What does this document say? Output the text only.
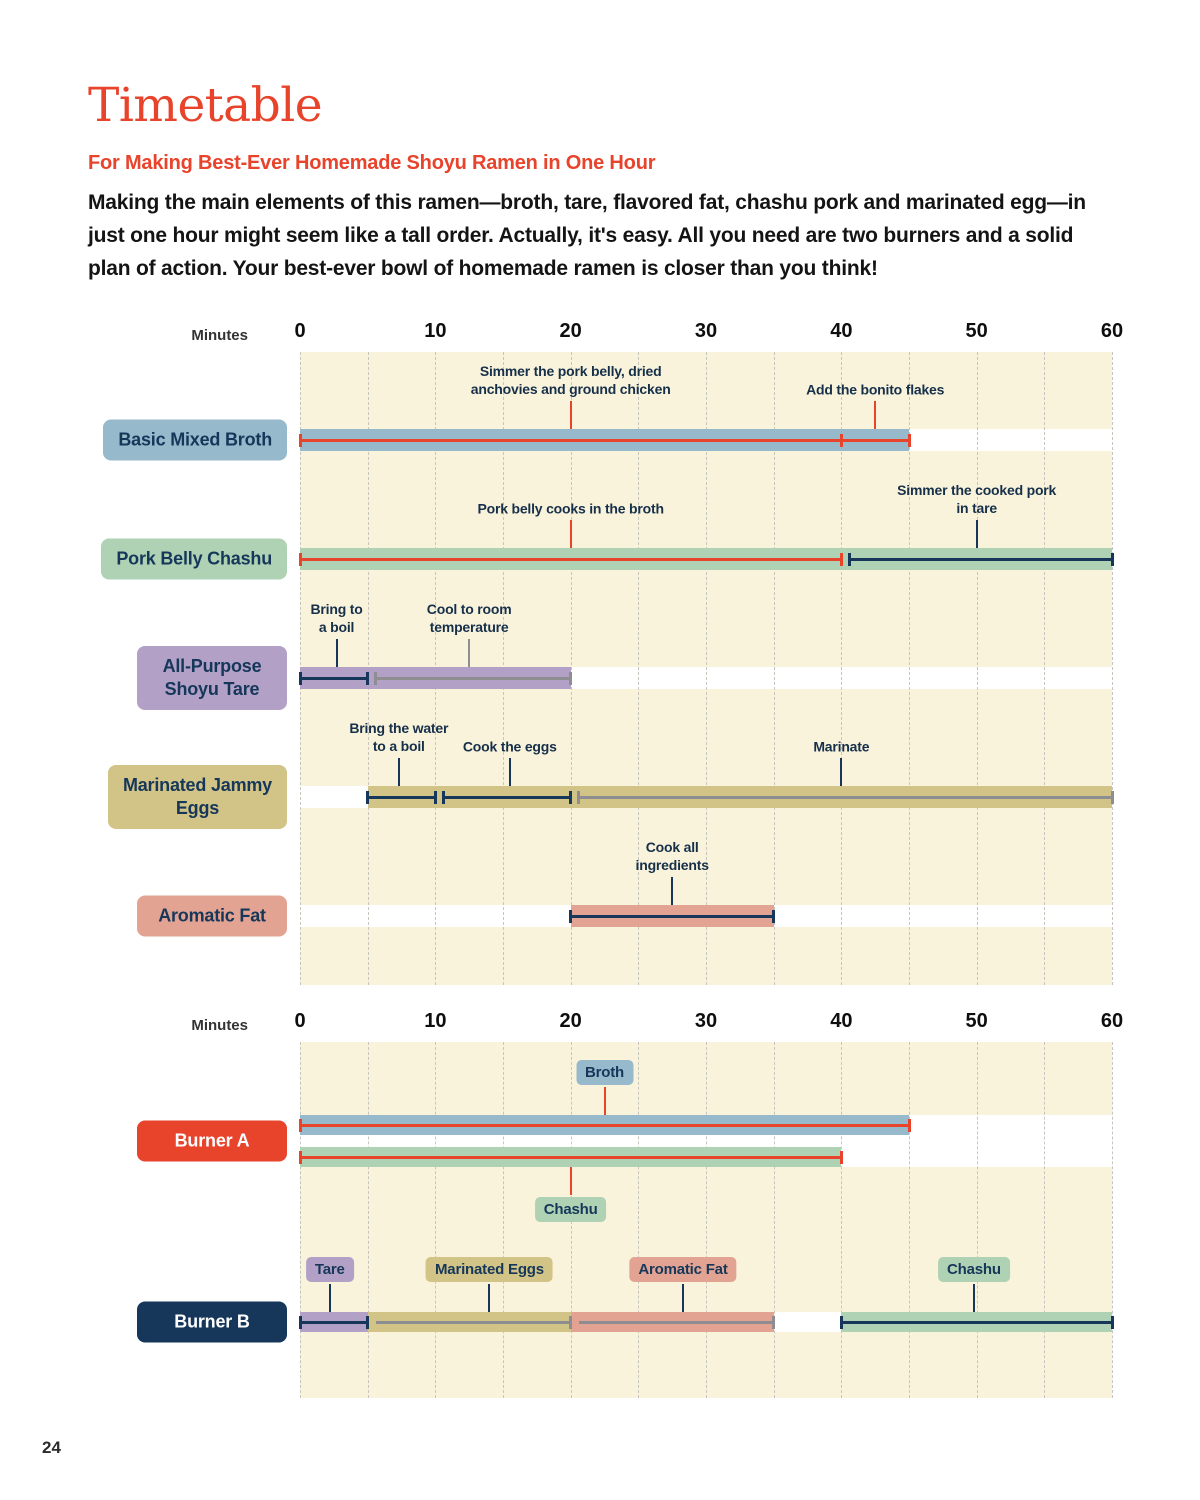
Timetable
For Making Best-Ever Homemade Shoyu Ramen in One Hour

Making the main elements of this ramen—broth, tare, flavored fat, chashu pork and marinated egg—in just one hour might seem like a tall order. Actually, it's easy. All you need are two burners and a solid plan of action. Your best-ever bowl of homemade ramen is closer than you think!

Minutes 0	10	20	30	40	50	60
Basic Mixed Broth
Simmer the pork belly, dried
anchovies and ground chicken	Add the bonito flakes
Pork Belly Chashu
Pork belly cooks in the broth
Simmer the cooked pork
in tare
All-Purpose
Shoyu Tare
Bring to
a boil
Cool to room
temperature
Marinated Jammy
Eggs
Bring the water
to a boil	Cook the eggs	Marinate
Aromatic Fat
Cook all
ingredients
Minutes 0	10	20	30	40	50	60
Burner A
Broth
Chashu
Burner B
Tare	Marinated Eggs	Aromatic Fat	Chashu
24
